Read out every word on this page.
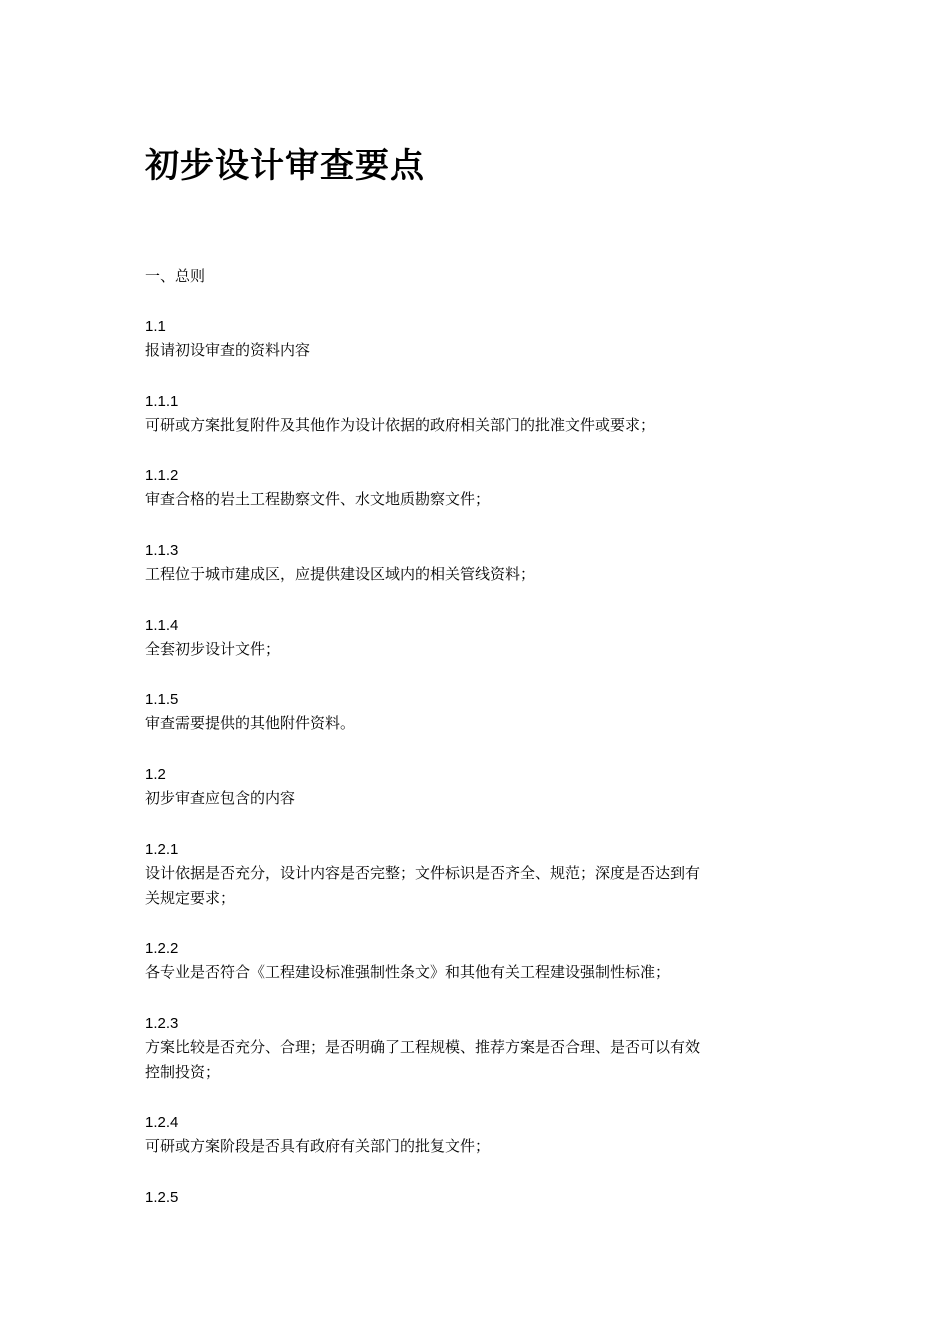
初步设计审查要点
一、总则
1.1
报请初设审查的资料内容
1.1.1
可研或方案批复附件及其他作为设计依据的政府相关部门的批准文件或要求；
1.1.2
审查合格的岩土工程勘察文件、水文地质勘察文件；
1.1.3
工程位于城市建成区，应提供建设区域内的相关管线资料；
1.1.4
全套初步设计文件；
1.1.5
审查需要提供的其他附件资料。
1.2
初步审查应包含的内容
1.2.1
设计依据是否充分，设计内容是否完整；文件标识是否齐全、规范；深度是否达到有
关规定要求；
1.2.2
各专业是否符合《工程建设标准强制性条文》和其他有关工程建设强制性标准；
1.2.3
方案比较是否充分、合理；是否明确了工程规模、推荐方案是否合理、是否可以有效
控制投资；
1.2.4
可研或方案阶段是否具有政府有关部门的批复文件；
1.2.5
